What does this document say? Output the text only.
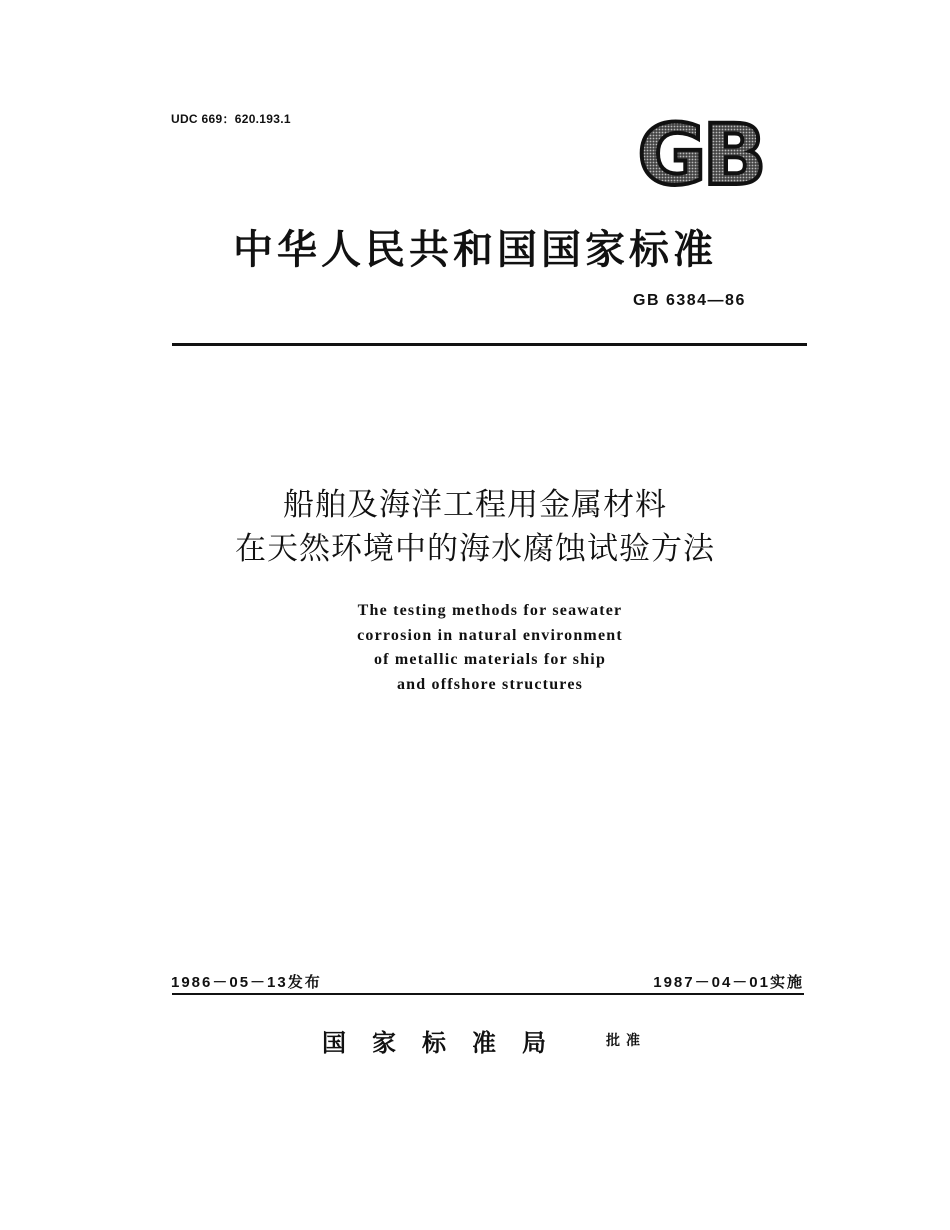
UDC 669：620.193.1	GB
中华人民共和国国家标准
GB 6384—86
船舶及海洋工程用金属材料
在天然环境中的海水腐蚀试验方法
The testing methods for seawater
corrosion in natural environment
of metallic materials for ship
and offshore structures
1986－05－13发布	1987－04－01实施
国家标准局 批准
